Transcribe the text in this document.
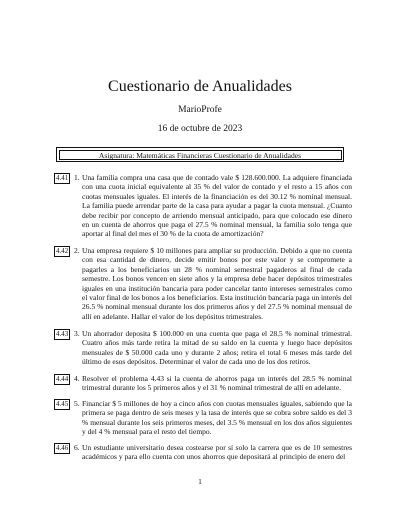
Cuestionario de Anualidades
MarioProfe
16 de octubre de 2023
Asignatura: Matemáticas Financieras Cuestionario de Anualidades
4.41 1. Una familia compra una casa que de contado vale $ 128.600.000. La adquiere financiada con una cuota inicial equivalente al 35 % del valor de contado y el resto a 15 años con cuotas mensuales iguales. El interés de la financiación es del 30.12 % nominal mensual. La familia puede arrendar parte de la casa para ayudar a pagar la cuota mensual. ¿Cuanto debe recibir por concepto de arriendo mensual anticipado, para que colocado ese dinero en un cuenta de ahorros que paga el 27.5 % nominal mensual, la familia solo tenga que aportar al final del mes el 30 % de la cuota de amortización?

4.42 2. Una empresa requiere $ 10 millones para ampliar su producción. Debido a que no cuenta con esa cantidad de dinero, decide emitir bonos por este valor y se compromete a pagarles a los beneficiarios un 28 % nominal semestral pagaderos al final de cada semestre. Los bonos vencen en siete años y la empresa debe hacer depósitos trimestrales iguales en una institución bancaria para poder cancelar tanto intereses semestrales como el valor final de los bonos a los beneficiarios. Esta institución bancaria paga un interés del 26.5 % nominal mensual durante los dos primeros años y del 27.5 % nominal mensual de allí en adelante. Hallar el valor de los depósitos trimestrales.

4.43 3. Un ahorrador deposita $ 100.000 en una cuenta que paga el 28.5 % nominal trimestral. Cuatro años más tarde retira la mitad de su saldo en la cuenta y luego hace depósitos mensuales de $ 50.000 cada uno y durante 2 años; retira el total 6 meses más tarde del último de esos depósitos. Determinar el valor de cada uno de los dos retiros.

4.44 4. Resolver el problema 4.43 si la cuenta de ahorros paga un interés del 28.5 % nominal trimestral durante los 5 primeros años y el 31 % nominal trimestral de allí en adelante.

4.45 5. Financiar $ 5 millones de hoy a cinco años con cuotas mensuales iguales, sabiendo que la primera se paga dentro de seis meses y la tasa de interés que se cobra sobre saldo es del 3 % mensual durante los seis primeros meses, del 3.5 % mensual en los dos años siguientes y del 4 % mensual para el resto del tiempo.

4.46 6. Un estudiante universitario desea costearse por sí solo la carrera que es de 10 semestres académicos y para ello cuenta con unos ahorros que depositará al principio de enero del

1
